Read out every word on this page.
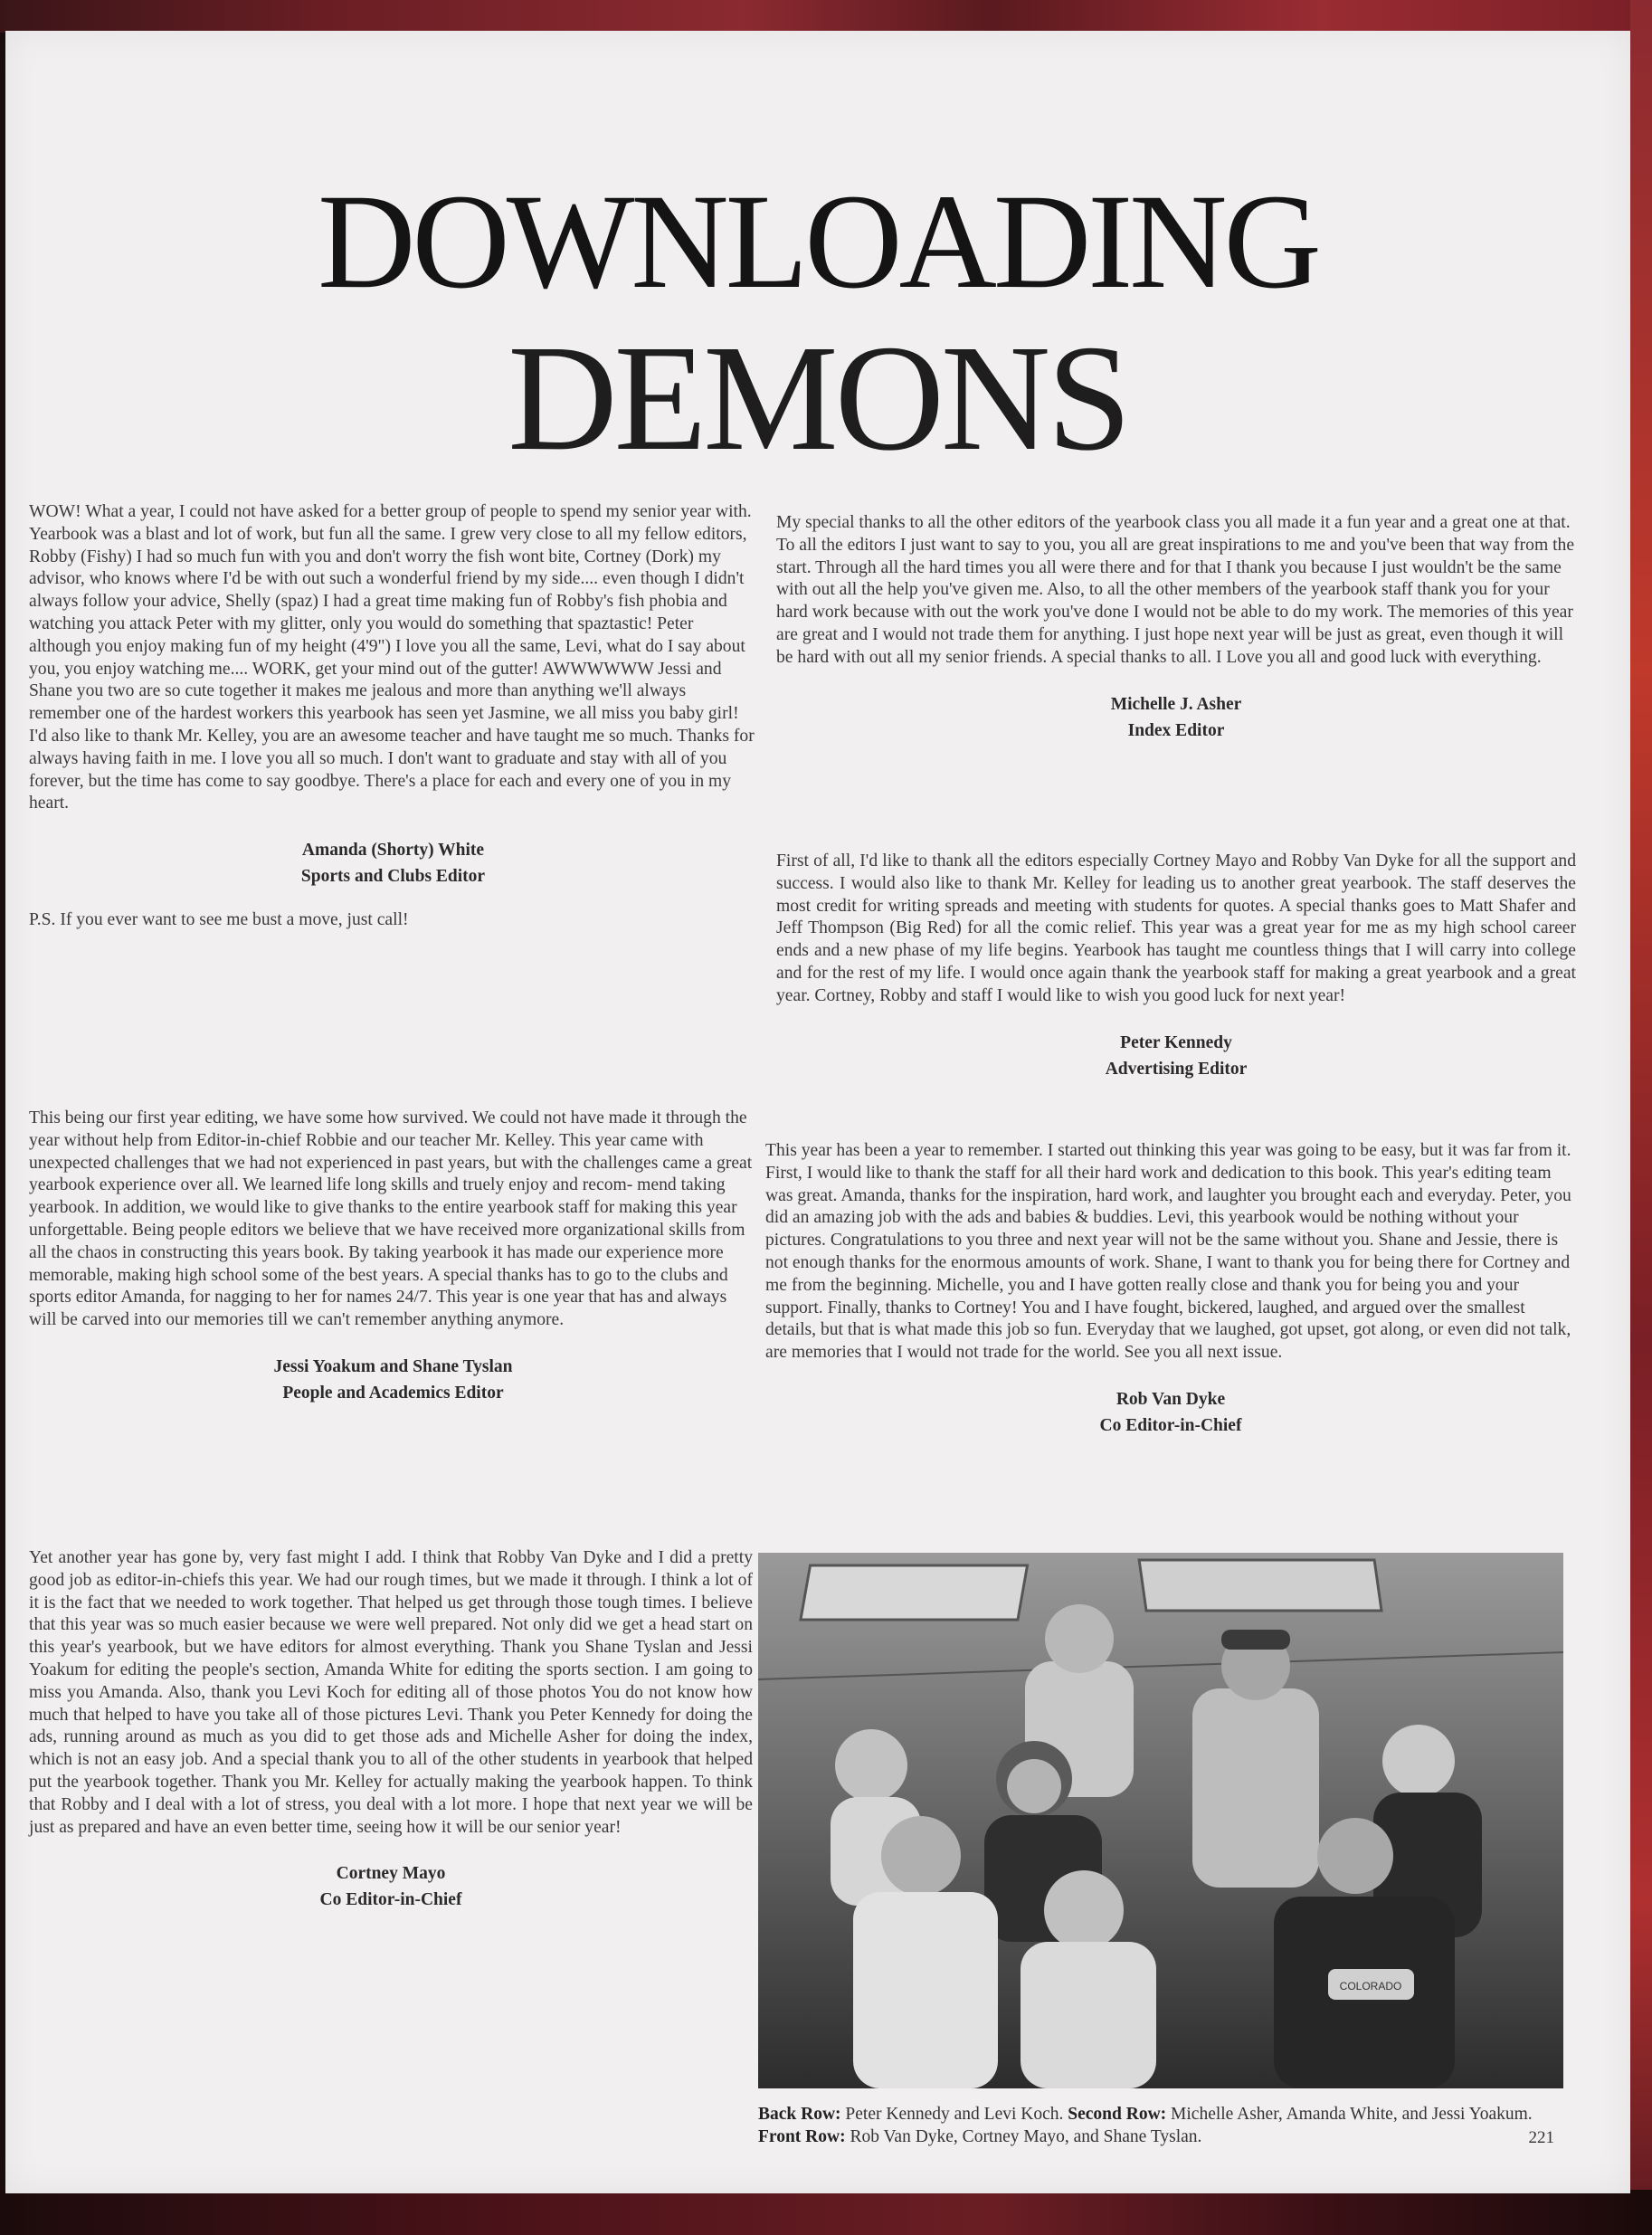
DOWNLOADING
DEMONS

WOW! What a year, I could not have asked for a better group of people to spend my senior year with. Yearbook was a blast and lot of work, but fun all the same. I grew very close to all my fellow editors, Robby (Fishy) I had so much fun with you and don't worry the fish wont bite, Cortney (Dork) my advisor, who knows where I'd be with out such a wonderful friend by my side.... even though I didn't always follow your advice, Shelly (spaz) I had a great time making fun of Robby's fish phobia and watching you attack Peter with my glitter, only you would do something that spaztastic! Peter although you enjoy making fun of my height (4'9") I love you all the same, Levi, what do I say about you, you enjoy watching me.... WORK, get your mind out of the gutter! AWWWWWW Jessi and Shane you two are so cute together it makes me jealous and more than anything we'll always remember one of the hardest workers this yearbook has seen yet Jasmine, we all miss you baby girl! I'd also like to thank Mr. Kelley, you are an awesome teacher and have taught me so much. Thanks for always having faith in me. I love you all so much. I don't want to graduate and stay with all of you forever, but the time has come to say goodbye. There's a place for each and every one of you in my heart.

Amanda (Shorty) White
Sports and Clubs Editor

P.S. If you ever want to see me bust a move, just call!

This being our first year editing, we have some how survived. We could not have made it through the year without help from Editor-in-chief Robbie and our teacher Mr. Kelley. This year came with unexpected challenges that we had not experienced in past years, but with the challenges came a great yearbook experience over all. We learned life long skills and truely enjoy and recom- mend taking yearbook. In addition, we would like to give thanks to the entire yearbook staff for making this year unforgettable. Being people editors we believe that we have received more organizational skills from all the chaos in constructing this years book. By taking yearbook it has made our experience more memorable, making high school some of the best years. A special thanks has to go to the clubs and sports editor Amanda, for nagging to her for names 24/7. This year is one year that has and always will be carved into our memories till we can't remember anything anymore.

Jessi Yoakum and Shane Tyslan
People and Academics Editor

Yet another year has gone by, very fast might I add. I think that Robby Van Dyke and I did a pretty good job as editor-in-chiefs this year. We had our rough times, but we made it through. I think a lot of it is the fact that we needed to work together. That helped us get through those tough times. I believe that this year was so much easier because we were well prepared. Not only did we get a head start on this year's yearbook, but we have editors for almost everything. Thank you Shane Tyslan and Jessi Yoakum for editing the people's section, Amanda White for editing the sports section. I am going to miss you Amanda. Also, thank you Levi Koch for editing all of those photos You do not know how much that helped to have you take all of those pictures Levi. Thank you Peter Kennedy for doing the ads, running around as much as you did to get those ads and Michelle Asher for doing the index, which is not an easy job. And a special thank you to all of the other students in yearbook that helped put the yearbook together. Thank you Mr. Kelley for actually making the yearbook happen. To think that Robby and I deal with a lot of stress, you deal with a lot more. I hope that next year we will be just as prepared and have an even better time, seeing how it will be our senior year!

Cortney Mayo
Co Editor-in-Chief

My special thanks to all the other editors of the yearbook class you all made it a fun year and a great one at that. To all the editors I just want to say to you, you all are great inspirations to me and you've been that way from the start. Through all the hard times you all were there and for that I thank you because I just wouldn't be the same with out all the help you've given me. Also, to all the other members of the yearbook staff thank you for your hard work because with out the work you've done I would not be able to do my work. The memories of this year are great and I would not trade them for anything. I just hope next year will be just as great, even though it will be hard with out all my senior friends. A special thanks to all. I Love you all and good luck with everything.

Michelle J. Asher
Index Editor

First of all, I'd like to thank all the editors especially Cortney Mayo and Robby Van Dyke for all the support and success. I would also like to thank Mr. Kelley for leading us to another great yearbook. The staff deserves the most credit for writing spreads and meeting with students for quotes. A special thanks goes to Matt Shafer and Jeff Thompson (Big Red) for all the comic relief. This year was a great year for me as my high school career ends and a new phase of my life begins. Yearbook has taught me countless things that I will carry into college and for the rest of my life. I would once again thank the yearbook staff for making a great yearbook and a great year. Cortney, Robby and staff I would like to wish you good luck for next year!

Peter Kennedy
Advertising Editor

This year has been a year to remember. I started out thinking this year was going to be easy, but it was far from it. First, I would like to thank the staff for all their hard work and dedication to this book. This year's editing team was great. Amanda, thanks for the inspiration, hard work, and laughter you brought each and everyday. Peter, you did an amazing job with the ads and babies & buddies. Levi, this yearbook would be nothing without your pictures. Congratulations to you three and next year will not be the same without you. Shane and Jessie, there is not enough thanks for the enormous amounts of work. Shane, I want to thank you for being there for Cortney and me from the beginning. Michelle, you and I have gotten really close and thank you for being you and your support. Finally, thanks to Cortney! You and I have fought, bickered, laughed, and argued over the smallest details, but that is what made this job so fun. Everyday that we laughed, got upset, got along, or even did not talk, are memories that I would not trade for the world. See you all next issue.

Rob Van Dyke
Co Editor-in-Chief
COLORADO
Back Row: Peter Kennedy and Levi Koch. Second Row: Michelle Asher, Amanda White, and Jessi Yoakum. Front Row: Rob Van Dyke, Cortney Mayo, and Shane Tyslan.	221
